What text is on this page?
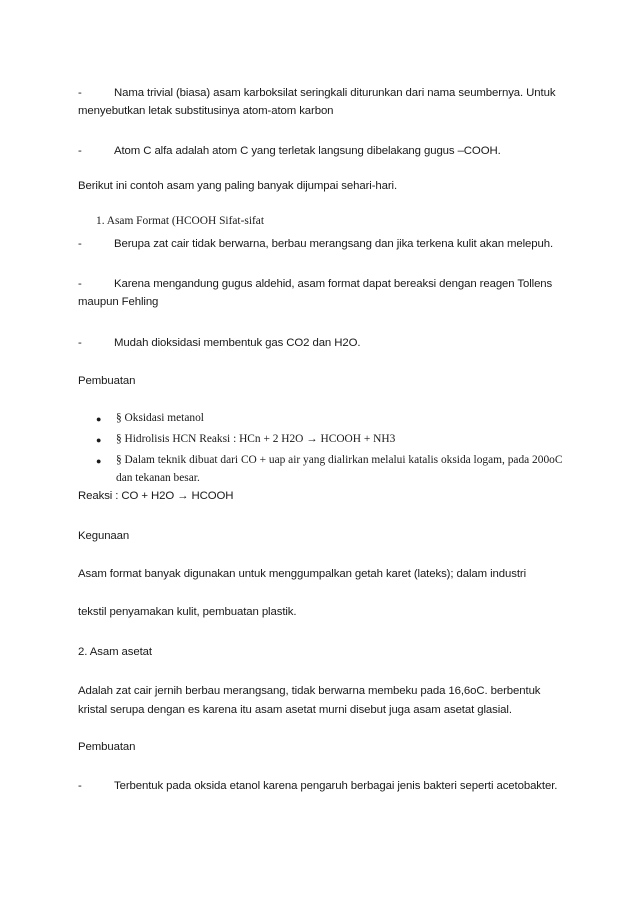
-	Nama trivial (biasa) asam karboksilat seringkali diturunkan dari nama seumbernya. Untuk
menyebutkan letak substitusinya atom-atom karbon
-	Atom C alfa adalah atom C yang terletak langsung dibelakang gugus –COOH.
Berikut ini contoh asam yang paling banyak dijumpai sehari-hari.
1. Asam Format (HCOOH Sifat-sifat
-	Berupa zat cair tidak berwarna, berbau merangsang dan jika terkena kulit akan melepuh.
-	Karena mengandung gugus aldehid, asam format dapat bereaksi dengan reagen Tollens
maupun Fehling
-	Mudah dioksidasi membentuk gas CO2 dan H2O.
Pembuatan
● § Oksidasi metanol
● § Hidrolisis HCN Reaksi : HCn + 2 H2O → HCOOH + NH3
● § Dalam teknik dibuat dari CO + uap air yang dialirkan melalui katalis oksida logam, pada 200oC
dan tekanan besar.
Reaksi : CO + H2O → HCOOH
Kegunaan
Asam format banyak digunakan untuk menggumpalkan getah karet (lateks); dalam industri
tekstil penyamakan kulit, pembuatan plastik.
2. Asam asetat
Adalah zat cair jernih berbau merangsang, tidak berwarna membeku pada 16,6oC. berbentuk
kristal serupa dengan es karena itu asam asetat murni disebut juga asam asetat glasial.
Pembuatan
-	Terbentuk pada oksida etanol karena pengaruh berbagai jenis bakteri seperti acetobakter.
